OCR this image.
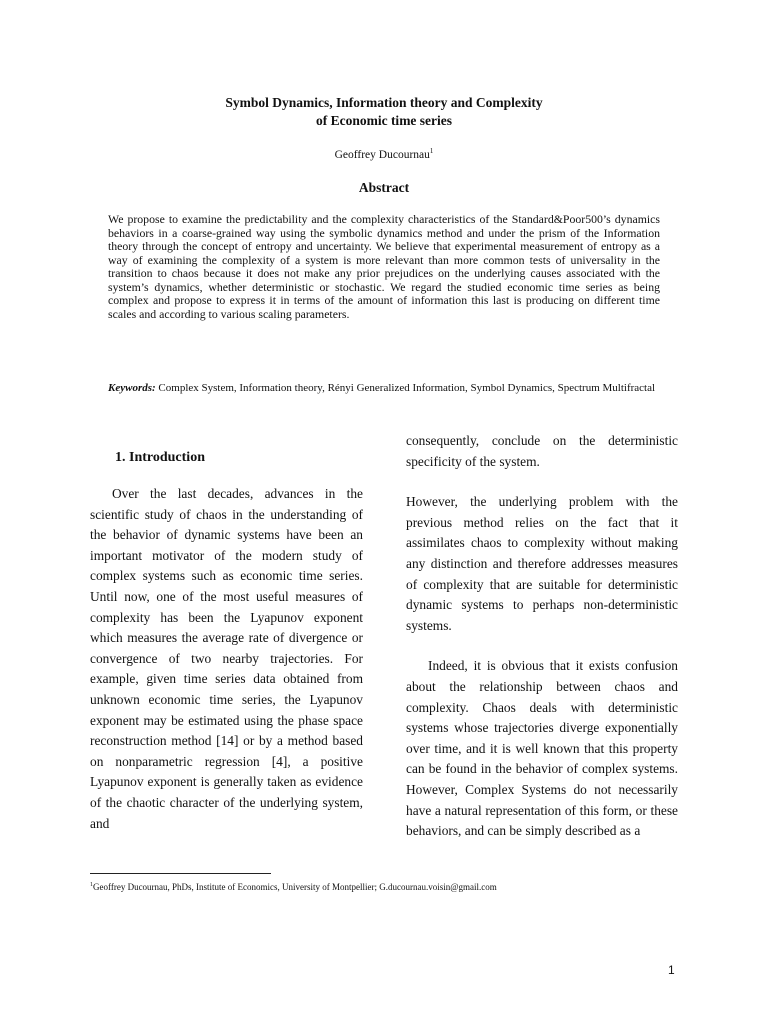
Symbol Dynamics, Information theory and Complexity
of Economic time series
Geoffrey Ducournau$^1$
Abstract
We propose to examine the predictability and the complexity characteristics of the Standard&Poor500’s dynamics behaviors in a coarse-grained way using the symbolic dynamics method and under the prism of the Information theory through the concept of entropy and uncertainty. We believe that experimental measurement of entropy as a way of examining the complexity of a system is more relevant than more common tests of universality in the transition to chaos because it does not make any prior prejudices on the underlying causes associated with the system’s dynamics, whether deterministic or stochastic. We regard the studied economic time series as being complex and propose to express it in terms of the amount of information this last is producing on different time scales and according to various scaling parameters.
Keywords: Complex System, Information theory, Rényi Generalized Information, Symbol Dynamics, Spectrum Multifractal
1. Introduction

Over the last decades, advances in the scientific study of chaos in the understanding of the behavior of dynamic systems have been an important motivator of the modern study of complex systems such as economic time series. Until now, one of the most useful measures of complexity has been the Lyapunov exponent which measures the average rate of divergence or convergence of two nearby trajectories. For example, given time series data obtained from unknown economic time series, the Lyapunov exponent may be estimated using the phase space reconstruction method [14] or by a method based on nonparametric regression [4], a positive Lyapunov exponent is generally taken as evidence of the chaotic character of the underlying system, and

consequently, conclude on the deterministic specificity of the system.

However, the underlying problem with the previous method relies on the fact that it assimilates chaos to complexity without making any distinction and therefore addresses measures of complexity that are suitable for deterministic dynamic systems to perhaps non-deterministic systems.

Indeed, it is obvious that it exists confusion about the relationship between chaos and complexity. Chaos deals with deterministic systems whose trajectories diverge exponentially over time, and it is well known that this property can be found in the behavior of complex systems. However, Complex Systems do not necessarily have a natural representation of this form, or these behaviors, and can be simply described as a

$^1$Geoffrey Ducournau, PhDs, Institute of Economics, University of Montpellier; G.ducournau.voisin@gmail.com
1
